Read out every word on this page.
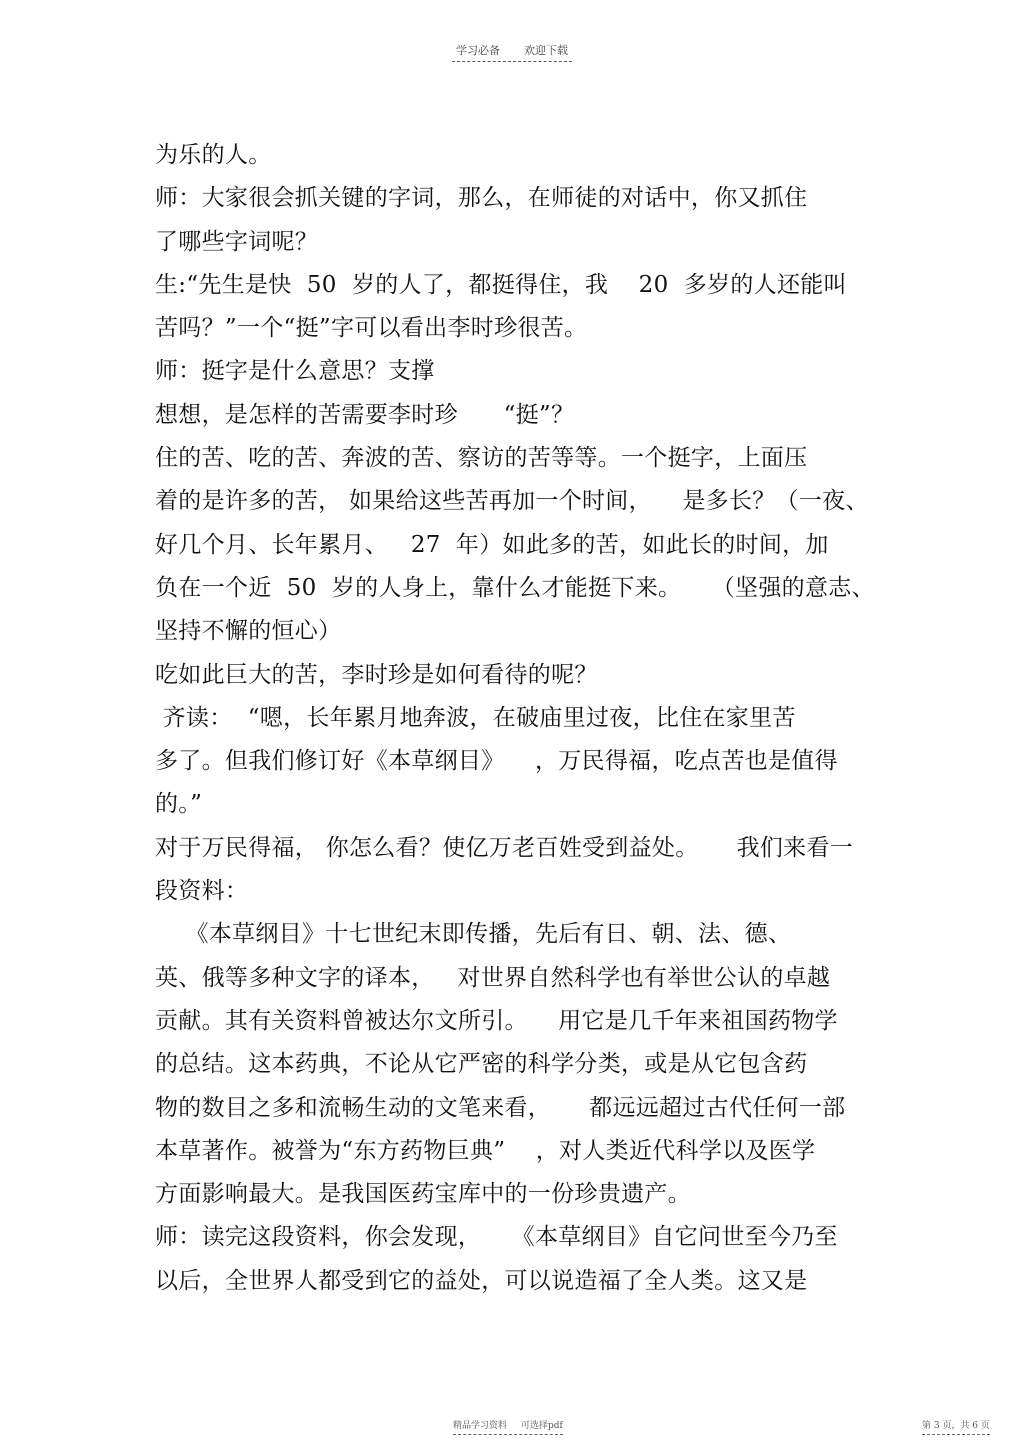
学习必备 欢迎下载
为乐的人。
师：大家很会抓关键的字词，那么，在师徒的对话中，你又抓住
了哪些字词呢？
生:“先生是快  50  岁的人了，都挺得住，我    20  多岁的人还能叫
苦吗？”一个“挺”字可以看出李时珍很苦。
师：挺字是什么意思？支撑
想想，是怎样的苦需要李时珍      “挺”？
住的苦、吃的苦、奔波的苦、察访的苦等等。一个挺字，上面压
着的是许多的苦， 如果给这些苦再加一个时间，    是多长？（一夜、
好几个月、长年累月、   27  年）如此多的苦，如此长的时间，加
负在一个近  50  岁的人身上，靠什么才能挺下来。    （坚强的意志、
坚持不懈的恒心）
吃如此巨大的苦，李时珍是如何看待的呢？
齐读：  “嗯，长年累月地奔波，在破庙里过夜，比住在家里苦
多了。但我们修订好《本草纲目》    ，万民得福，吃点苦也是值得
的。”
对于万民得福， 你怎么看？使亿万老百姓受到益处。     我们来看一
段资料：
《本草纲目》十七世纪末即传播，先后有日、朝、法、德、
英、俄等多种文字的译本，   对世界自然科学也有举世公认的卓越
贡献。其有关资料曾被达尔文所引。    用它是几千年来祖国药物学
的总结。这本药典，不论从它严密的科学分类，或是从它包含药
物的数目之多和流畅生动的文笔来看，     都远远超过古代任何一部
本草著作。被誉为“东方药物巨典”    ，对人类近代科学以及医学
方面影响最大。是我国医药宝库中的一份珍贵遗产。
师：读完这段资料，你会发现，    《本草纲目》自它问世至今乃至
以后，全世界人都受到它的益处，可以说造福了全人类。这又是
精品学习资料 可选择pdf	第 3 页，共 6 页
